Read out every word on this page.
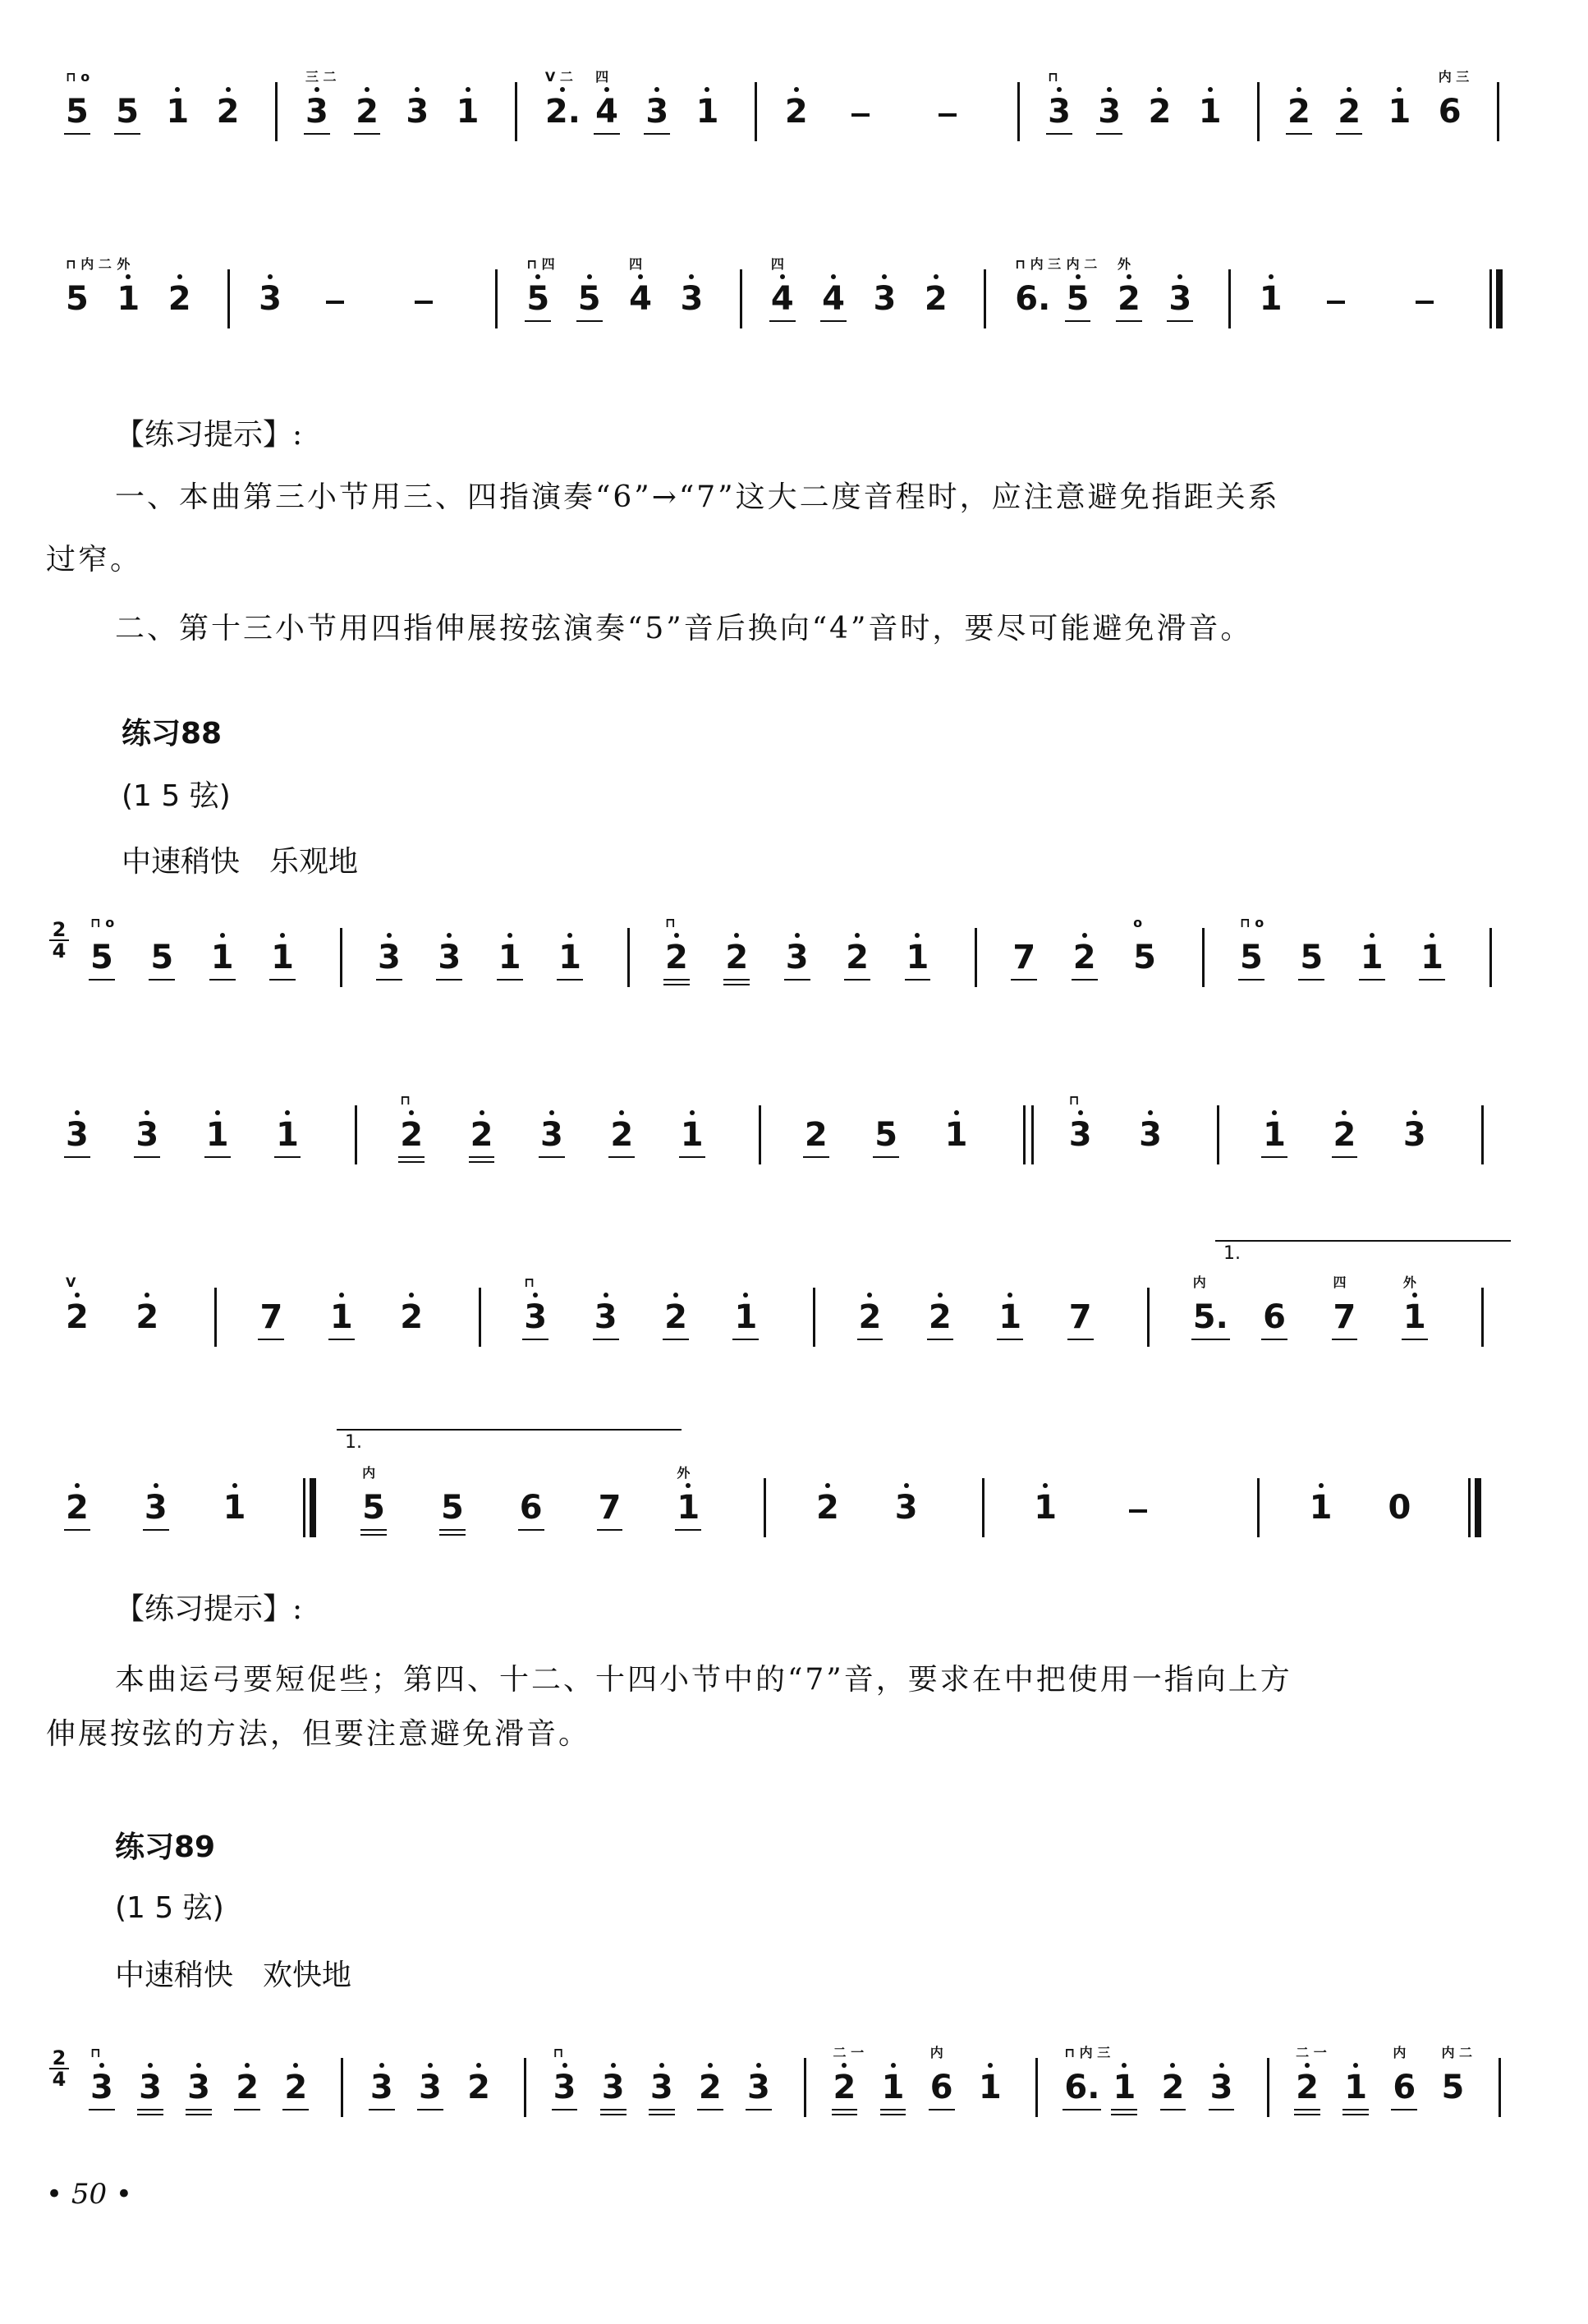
5
⊓ o
5 1 2 3
三 二
2 3 1 2.
V 二
4
四
3 1 2	3
⊓
3 2 1 2 2 1 6
内 三
5
⊓ 内 二
1
外
2 3	5
⊓ 四
5 4
四
3 4
四
4 3 2 6.
⊓ 内 三
5
内 二
2
外
3 1
【练习提示】:
一、本曲第三小节用三、四指演奏“6”→“7”这大二度音程时，应注意避免指距关系
过窄。
二、第十三小节用四指伸展按弦演奏“5”音后换向“4”音时，要尽可能避免滑音。
练习88
(1 5 弦)
中速稍快　乐观地
2
4 5
⊓ o
5 1 1	3 3 1 1	2
⊓
2 3 2 1	7 2 5
o
5
⊓ o
5 1 1
3 3 1 1	2
⊓
2 3 2 1	2 5 1	3
⊓
3	1 2 3
1.
2
V
2	7 1 2	3
⊓
3 2 1	2 2 1 7	5.
内
6 7
四
1
外
1.
2 3 1	5
内
5 6 7 1
外
2 3	1	1 0
【练习提示】:
本曲运弓要短促些；第四、十二、十四小节中的“7”音，要求在中把使用一指向上方
伸展按弦的方法，但要注意避免滑音。
练习89
(1 5 弦)
中速稍快　欢快地
2
4 3
⊓
3 3 2 2 3 3 2 3
⊓
3 3 2 3 2
二 一
1 6
内
1 6.
⊓ 内 三
1 2 3 2
二 一
1 6
内
5
内 二
• 50 •
